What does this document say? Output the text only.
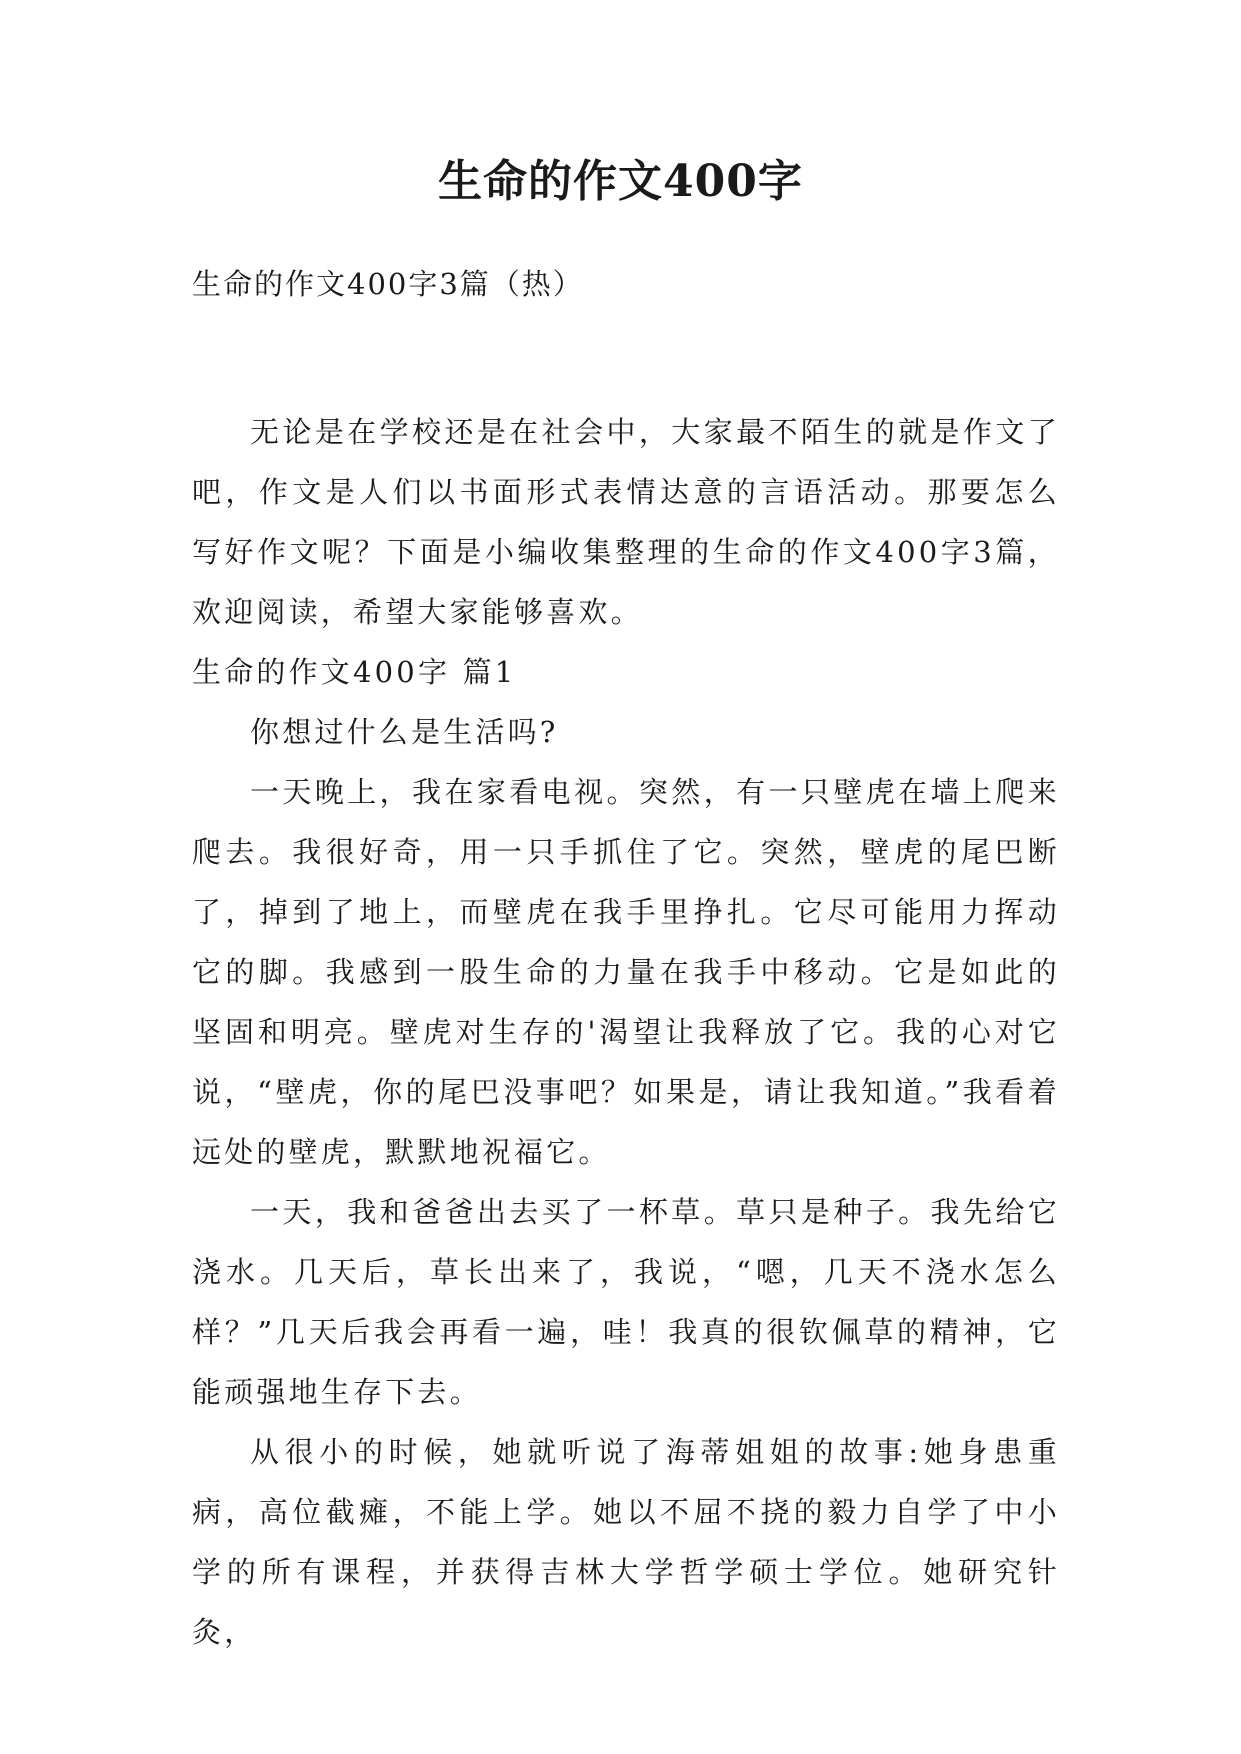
生命的作文400字

生命的作文400字3篇（热）

无论是在学校还是在社会中，大家最不陌生的就是作文了吧，作文是人们以书面形式表情达意的言语活动。那要怎么写好作文呢？下面是小编收集整理的生命的作文400字3篇，欢迎阅读，希望大家能够喜欢。

生命的作文400字 篇1

你想过什么是生活吗?

一天晚上，我在家看电视。突然，有一只壁虎在墙上爬来爬去。我很好奇，用一只手抓住了它。突然，壁虎的尾巴断了，掉到了地上，而壁虎在我手里挣扎。它尽可能用力挥动它的脚。我感到一股生命的力量在我手中移动。它是如此的坚固和明亮。壁虎对生存的'渴望让我释放了它。我的心对它说，“壁虎，你的尾巴没事吧？如果是，请让我知道。”我看着远处的壁虎，默默地祝福它。

一天，我和爸爸出去买了一杯草。草只是种子。我先给它浇水。几天后，草长出来了，我说，“嗯，几天不浇水怎么样？”几天后我会再看一遍，哇！我真的很钦佩草的精神，它能顽强地生存下去。

从很小的时候，她就听说了海蒂姐姐的故事:她身患重病，高位截瘫，不能上学。她以不屈不挠的毅力自学了中小学的所有课程，并获得吉林大学哲学硕士学位。她研究针灸，
